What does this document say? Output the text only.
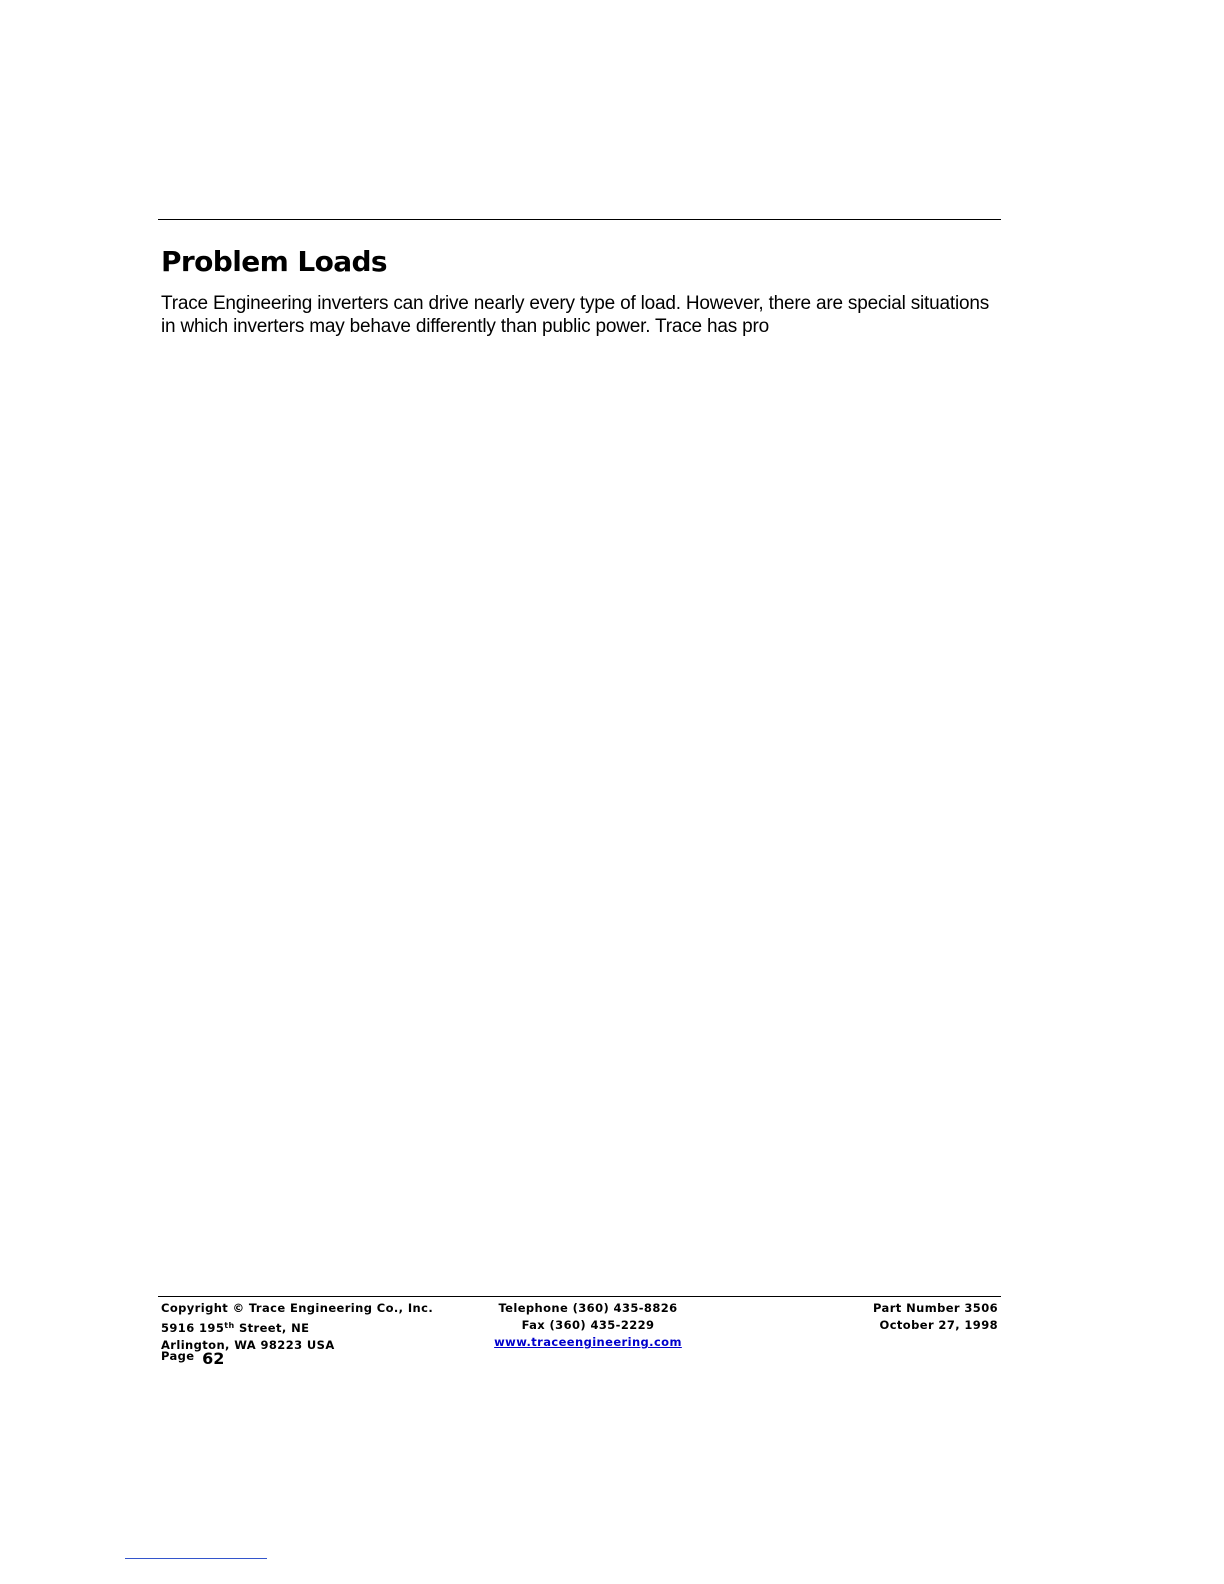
Problem Loads
Trace Engineering inverters can drive nearly every type of load. However, there are special situations
in which inverters may behave differently than public power. Trace has pro
Copyright © Trace Engineering Co., Inc.
5916 195th Street, NE
Arlington, WA 98223 USA
$^{Page}$ 62
Telephone (360) 435-8826
Fax (360) 435-2229
www.traceengineering.com
Part Number 3506
October 27, 1998
